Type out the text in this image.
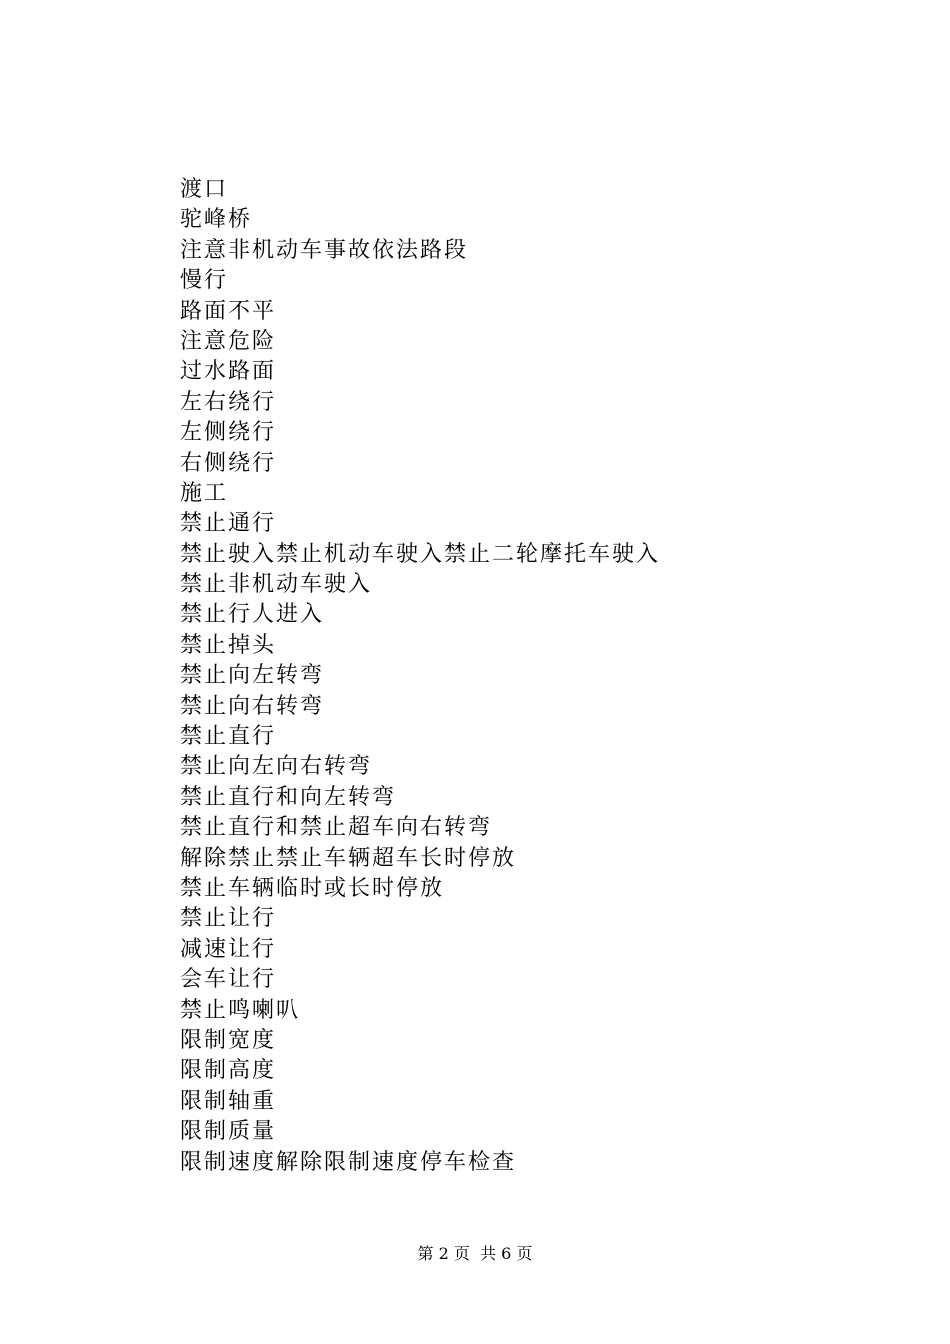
渡口
驼峰桥
注意非机动车事故依法路段
慢行
路面不平
注意危险
过水路面
左右绕行
左侧绕行
右侧绕行
施工
禁止通行
禁止驶入禁止机动车驶入禁止二轮摩托车驶入
禁止非机动车驶入
禁止行人进入
禁止掉头
禁止向左转弯
禁止向右转弯
禁止直行
禁止向左向右转弯
禁止直行和向左转弯
禁止直行和禁止超车向右转弯
解除禁止禁止车辆超车长时停放
禁止车辆临时或长时停放
禁止让行
减速让行
会车让行
禁止鸣喇叭
限制宽度
限制高度
限制轴重
限制质量
限制速度解除限制速度停车检查
第 2 页  共 6 页
